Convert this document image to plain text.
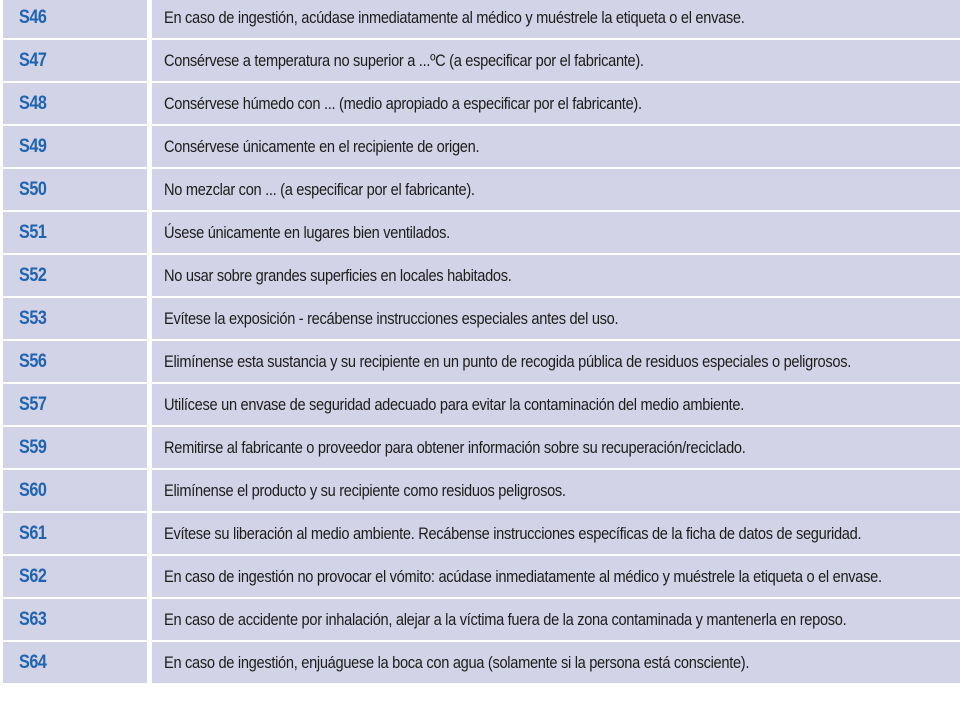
S46	En caso de ingestión, acúdase inmediatamente al médico y muéstrele la etiqueta o el envase.
S47	Consérvese a temperatura no superior a ...ºC (a especificar por el fabricante).
S48	Consérvese húmedo con ... (medio apropiado a especificar por el fabricante).
S49	Consérvese únicamente en el recipiente de origen.
S50	No mezclar con ... (a especificar por el fabricante).
S51	Úsese únicamente en lugares bien ventilados.
S52	No usar sobre grandes superficies en locales habitados.
S53	Evítese la exposición - recábense instrucciones especiales antes del uso.
S56	Elimínense esta sustancia y su recipiente en un punto de recogida pública de residuos especiales o peligrosos.
S57	Utilícese un envase de seguridad adecuado para evitar la contaminación del medio ambiente.
S59	Remitirse al fabricante o proveedor para obtener información sobre su recuperación/reciclado.
S60	Elimínense el producto y su recipiente como residuos peligrosos.
S61	Evítese su liberación al medio ambiente. Recábense instrucciones específicas de la ficha de datos de seguridad.
S62	En caso de ingestión no provocar el vómito: acúdase inmediatamente al médico y muéstrele la etiqueta o el envase.
S63	En caso de accidente por inhalación, alejar a la víctima fuera de la zona contaminada y mantenerla en reposo.
S64	En caso de ingestión, enjuáguese la boca con agua (solamente si la persona está consciente).
